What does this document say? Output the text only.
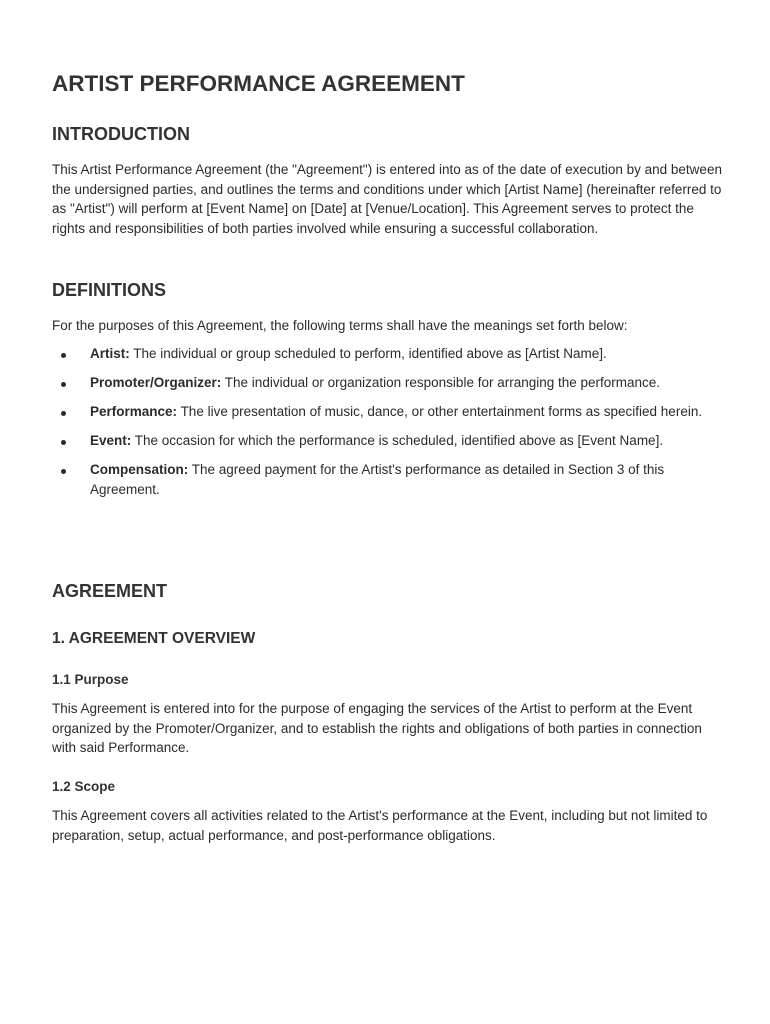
ARTIST PERFORMANCE AGREEMENT
INTRODUCTION

This Artist Performance Agreement (the "Agreement") is entered into as of the date of execution by and between the undersigned parties, and outlines the terms and conditions under which [Artist Name] (hereinafter referred to as "Artist") will perform at [Event Name] on [Date] at [Venue/Location]. This Agreement serves to protect the rights and responsibilities of both parties involved while ensuring a successful collaboration.

DEFINITIONS

For the purposes of this Agreement, the following terms shall have the meanings set forth below:

Artist: The individual or group scheduled to perform, identified above as [Artist Name].
Promoter/Organizer: The individual or organization responsible for arranging the performance.
Performance: The live presentation of music, dance, or other entertainment forms as specified herein.
Event: The occasion for which the performance is scheduled, identified above as [Event Name].
Compensation: The agreed payment for the Artist's performance as detailed in Section 3 of this Agreement.
AGREEMENT
1. AGREEMENT OVERVIEW
1.1 Purpose

This Agreement is entered into for the purpose of engaging the services of the Artist to perform at the Event organized by the Promoter/Organizer, and to establish the rights and obligations of both parties in connection with said Performance.

1.2 Scope

This Agreement covers all activities related to the Artist's performance at the Event, including but not limited to preparation, setup, actual performance, and post-performance obligations.
